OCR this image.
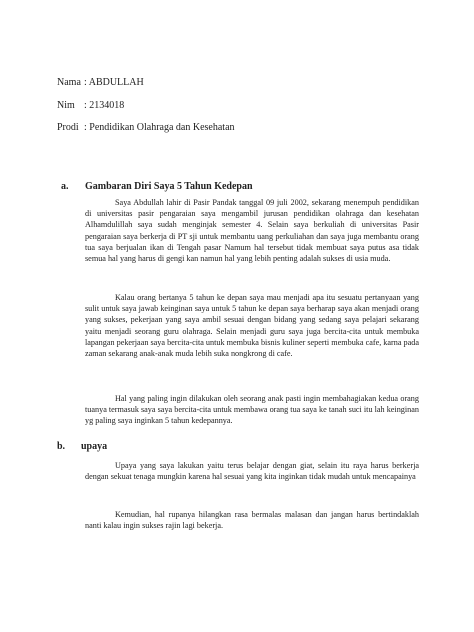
Nama : ABDULLAH
Nim : 2134018
Prodi : Pendidikan Olahraga dan Kesehatan
a. Gambaran Diri Saya 5 Tahun Kedepan

Saya Abdullah lahir di Pasir Pandak tanggal 09 juli 2002, sekarang menempuh pendidikan di universitas pasir pengaraian saya mengambil jurusan pendidikan olahraga dan kesehatan Alhamdulillah saya sudah menginjak semester 4. Selain saya berkuliah di universitas Pasir pengaraian saya berkerja di PT sji untuk membantu uang perkuliahan dan saya juga membantu orang tua saya berjualan ikan di Tengah pasar Namum hal tersebut tidak membuat saya putus asa tidak semua hal yang harus di gengi kan namun hal yang lebih penting adalah sukses di usia muda.

Kalau orang bertanya 5 tahun ke depan saya mau menjadi apa itu sesuatu pertanyaan yang sulit untuk saya jawab keinginan saya untuk 5 tahun ke depan saya berharap saya akan menjadi orang yang sukses, pekerjaan yang saya ambil sesuai dengan bidang yang sedang saya pelajari sekarang yaitu menjadi seorang guru olahraga. Selain menjadi guru saya juga bercita-cita untuk membuka lapangan pekerjaan saya bercita-cita untuk membuka bisnis kuliner seperti membuka cafe, karna pada zaman sekarang anak-anak muda lebih suka nongkrong di cafe.

Hal yang paling ingin dilakukan oleh seorang anak pasti ingin membahagiakan kedua orang tuanya termasuk saya saya bercita-cita untuk membawa orang tua saya ke tanah suci itu lah keinginan yg paling saya inginkan 5 tahun kedepannya.

b. upaya

Upaya yang saya lakukan yaitu terus belajar dengan giat, selain itu raya harus berkerja dengan sekuat tenaga mungkin karena hal sesuai yang kita inginkan tidak mudah untuk mencapainya

Kemudian, hal rupanya hilangkan rasa bermalas malasan dan jangan harus bertindaklah nanti kalau ingin sukses rajin lagi bekerja.
